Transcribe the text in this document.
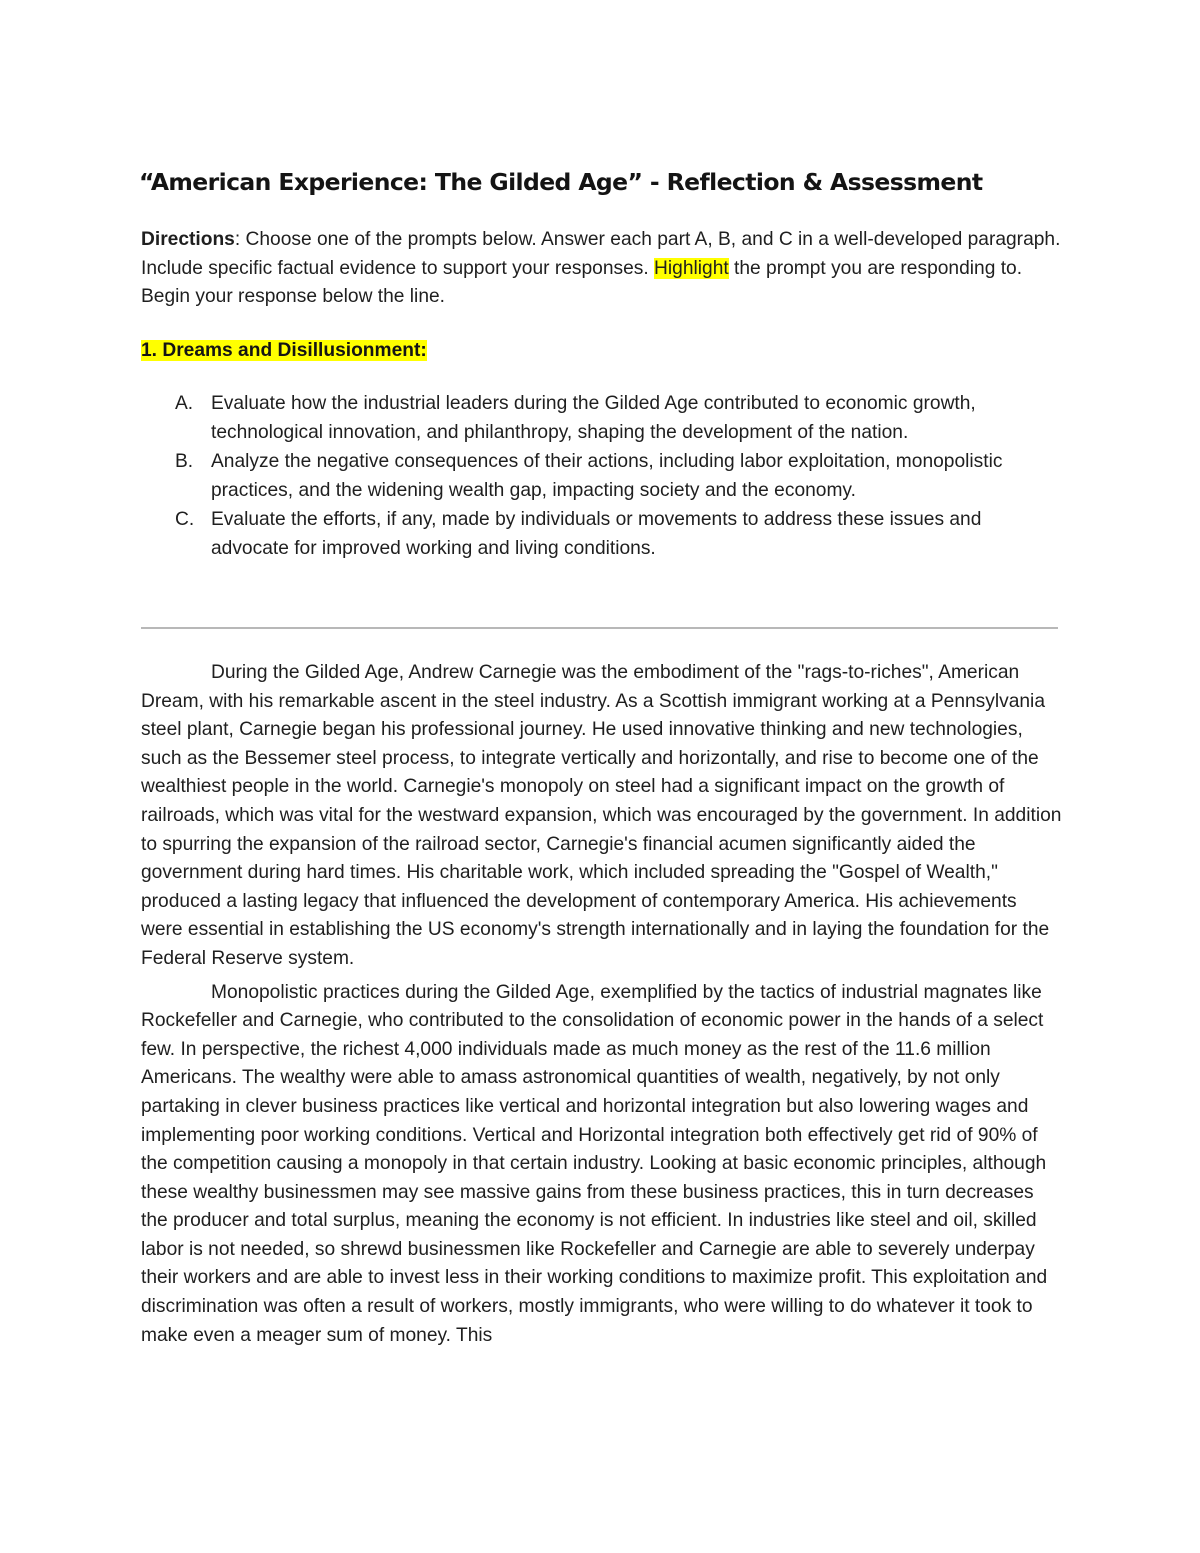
“American Experience: The Gilded Age” - Reflection & Assessment

Directions: Choose one of the prompts below. Answer each part A, B, and C in a well-developed paragraph. Include specific factual evidence to support your responses. Highlight the prompt you are responding to. Begin your response below the line.

1. Dreams and Disillusionment:

A. Evaluate how the industrial leaders during the Gilded Age contributed to economic growth, technological innovation, and philanthropy, shaping the development of the nation.
B. Analyze the negative consequences of their actions, including labor exploitation, monopolistic practices, and the widening wealth gap, impacting society and the economy.
C. Evaluate the efforts, if any, made by individuals or movements to address these issues and advocate for improved working and living conditions.

During the Gilded Age, Andrew Carnegie was the embodiment of the "rags-to-riches", American Dream, with his remarkable ascent in the steel industry. As a Scottish immigrant working at a Pennsylvania steel plant, Carnegie began his professional journey. He used innovative thinking and new technologies, such as the Bessemer steel process, to integrate vertically and horizontally, and rise to become one of the wealthiest people in the world. Carnegie's monopoly on steel had a significant impact on the growth of railroads, which was vital for the westward expansion, which was encouraged by the government. In addition to spurring the expansion of the railroad sector, Carnegie's financial acumen significantly aided the government during hard times. His charitable work, which included spreading the "Gospel of Wealth," produced a lasting legacy that influenced the development of contemporary America. His achievements were essential in establishing the US economy's strength internationally and in laying the foundation for the Federal Reserve system.

Monopolistic practices during the Gilded Age, exemplified by the tactics of industrial magnates like Rockefeller and Carnegie, who contributed to the consolidation of economic power in the hands of a select few. In perspective, the richest 4,000 individuals made as much money as the rest of the 11.6 million Americans. The wealthy were able to amass astronomical quantities of wealth, negatively, by not only partaking in clever business practices like vertical and horizontal integration but also lowering wages and implementing poor working conditions. Vertical and Horizontal integration both effectively get rid of 90% of the competition causing a monopoly in that certain industry. Looking at basic economic principles, although these wealthy businessmen may see massive gains from these business practices, this in turn decreases the producer and total surplus, meaning the economy is not efficient. In industries like steel and oil, skilled labor is not needed, so shrewd businessmen like Rockefeller and Carnegie are able to severely underpay their workers and are able to invest less in their working conditions to maximize profit. This exploitation and discrimination was often a result of workers, mostly immigrants, who were willing to do whatever it took to make even a meager sum of money. This
